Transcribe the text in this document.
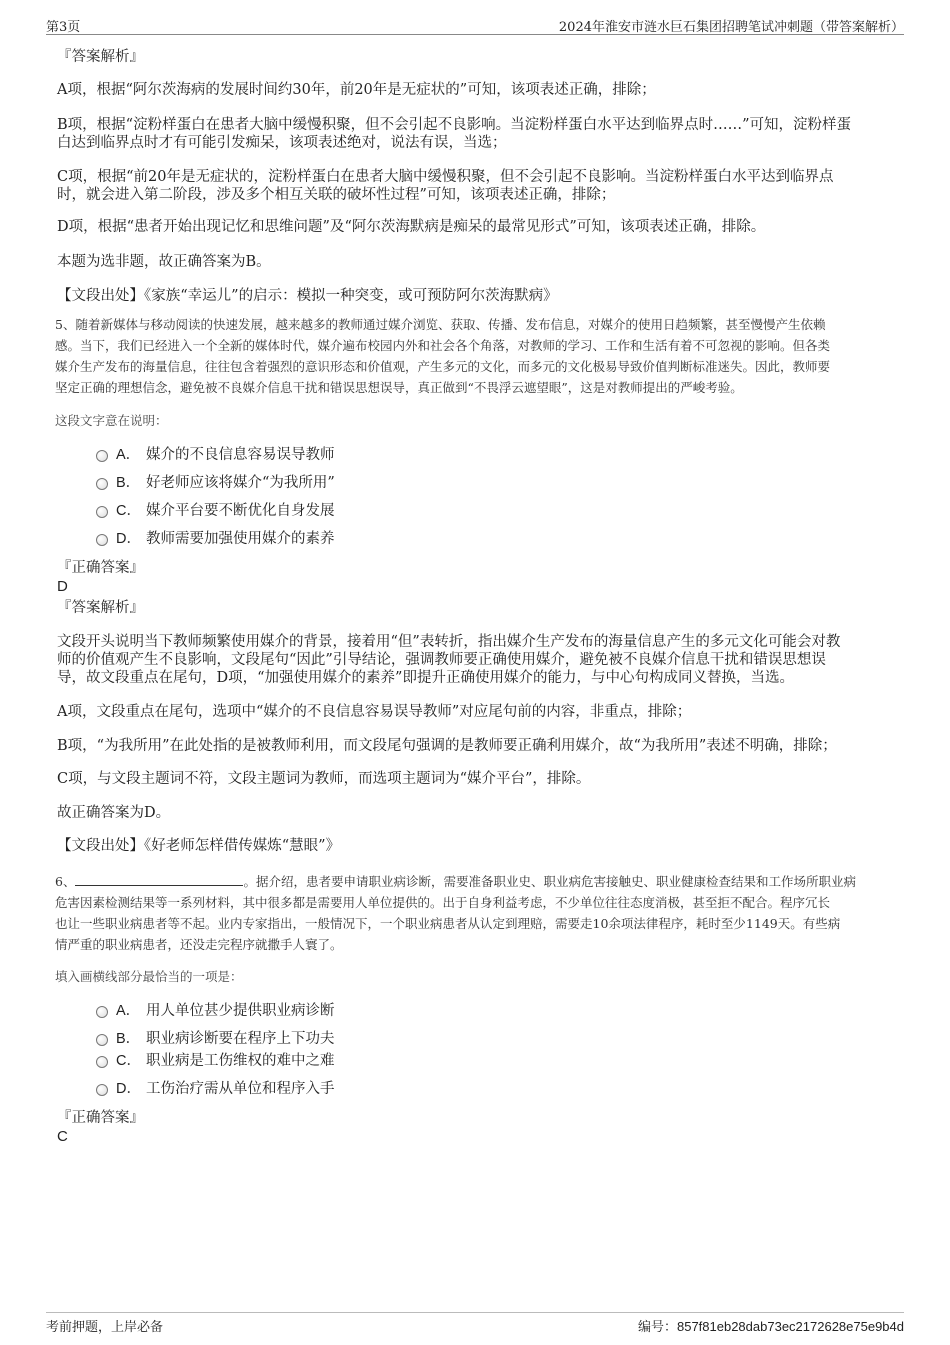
第3页	2024年淮安市涟水巨石集团招聘笔试冲刺题（带答案解析）
『答案解析』
A项，根据“阿尔茨海病的发展时间约30年，前20年是无症状的”可知，该项表述正确，排除；
B项，根据“淀粉样蛋白在患者大脑中缓慢积聚，但不会引起不良影响。当淀粉样蛋白水平达到临界点时……”可知，淀粉样蛋
白达到临界点时才有可能引发痴呆，该项表述绝对，说法有误，当选；
C项，根据“前20年是无症状的，淀粉样蛋白在患者大脑中缓慢积聚，但不会引起不良影响。当淀粉样蛋白水平达到临界点
时，就会进入第二阶段，涉及多个相互关联的破坏性过程”可知，该项表述正确，排除；
D项，根据“患者开始出现记忆和思维问题”及“阿尔茨海默病是痴呆的最常见形式”可知，该项表述正确，排除。
本题为选非题，故正确答案为B。
【文段出处】《家族“幸运儿”的启示：模拟一种突变，或可预防阿尔茨海默病》
5、随着新媒体与移动阅读的快速发展，越来越多的教师通过媒介浏览、获取、传播、发布信息，对媒介的使用日趋频繁，甚至慢慢产生依赖
感。当下，我们已经进入一个全新的媒体时代，媒介遍布校园内外和社会各个角落，对教师的学习、工作和生活有着不可忽视的影响。但各类
媒介生产发布的海量信息，往往包含着强烈的意识形态和价值观，产生多元的文化，而多元的文化极易导致价值判断标准迷失。因此，教师要
坚定正确的理想信念，避免被不良媒介信息干扰和错误思想误导，真正做到“不畏浮云遮望眼”，这是对教师提出的严峻考验。
这段文字意在说明：
A． 媒介的不良信息容易误导教师
B． 好老师应该将媒介“为我所用”
C． 媒介平台要不断优化自身发展
D． 教师需要加强使用媒介的素养
『正确答案』
D
『答案解析』
文段开头说明当下教师频繁使用媒介的背景，接着用“但”表转折，指出媒介生产发布的海量信息产生的多元文化可能会对教
师的价值观产生不良影响，文段尾句“因此”引导结论，强调教师要正确使用媒介，避免被不良媒介信息干扰和错误思想误
导，故文段重点在尾句，D项，“加强使用媒介的素养”即提升正确使用媒介的能力，与中心句构成同义替换，当选。
A项，文段重点在尾句，选项中“媒介的不良信息容易误导教师”对应尾句前的内容，非重点，排除；
B项，“为我所用”在此处指的是被教师利用，而文段尾句强调的是教师要正确利用媒介，故“为我所用”表述不明确，排除；
C项，与文段主题词不符，文段主题词为教师，而选项主题词为“媒介平台”，排除。
故正确答案为D。
【文段出处】《好老师怎样借传媒炼“慧眼”》
6、	。据介绍，患者要申请职业病诊断，需要准备职业史、职业病危害接触史、职业健康检查结果和工作场所职业病
危害因素检测结果等一系列材料，其中很多都是需要用人单位提供的。出于自身利益考虑，不少单位往往态度消极，甚至拒不配合。程序冗长
也让一些职业病患者等不起。业内专家指出，一般情况下，一个职业病患者从认定到理赔，需要走10余项法律程序，耗时至少1149天。有些病
情严重的职业病患者，还没走完程序就撒手人寰了。
填入画横线部分最恰当的一项是：
A． 用人单位甚少提供职业病诊断
B． 职业病诊断要在程序上下功夫
C． 职业病是工伤维权的难中之难
D． 工伤治疗需从单位和程序入手
『正确答案』
C
考前押题，上岸必备	编号：857f81eb28dab73ec2172628e75e9b4d
